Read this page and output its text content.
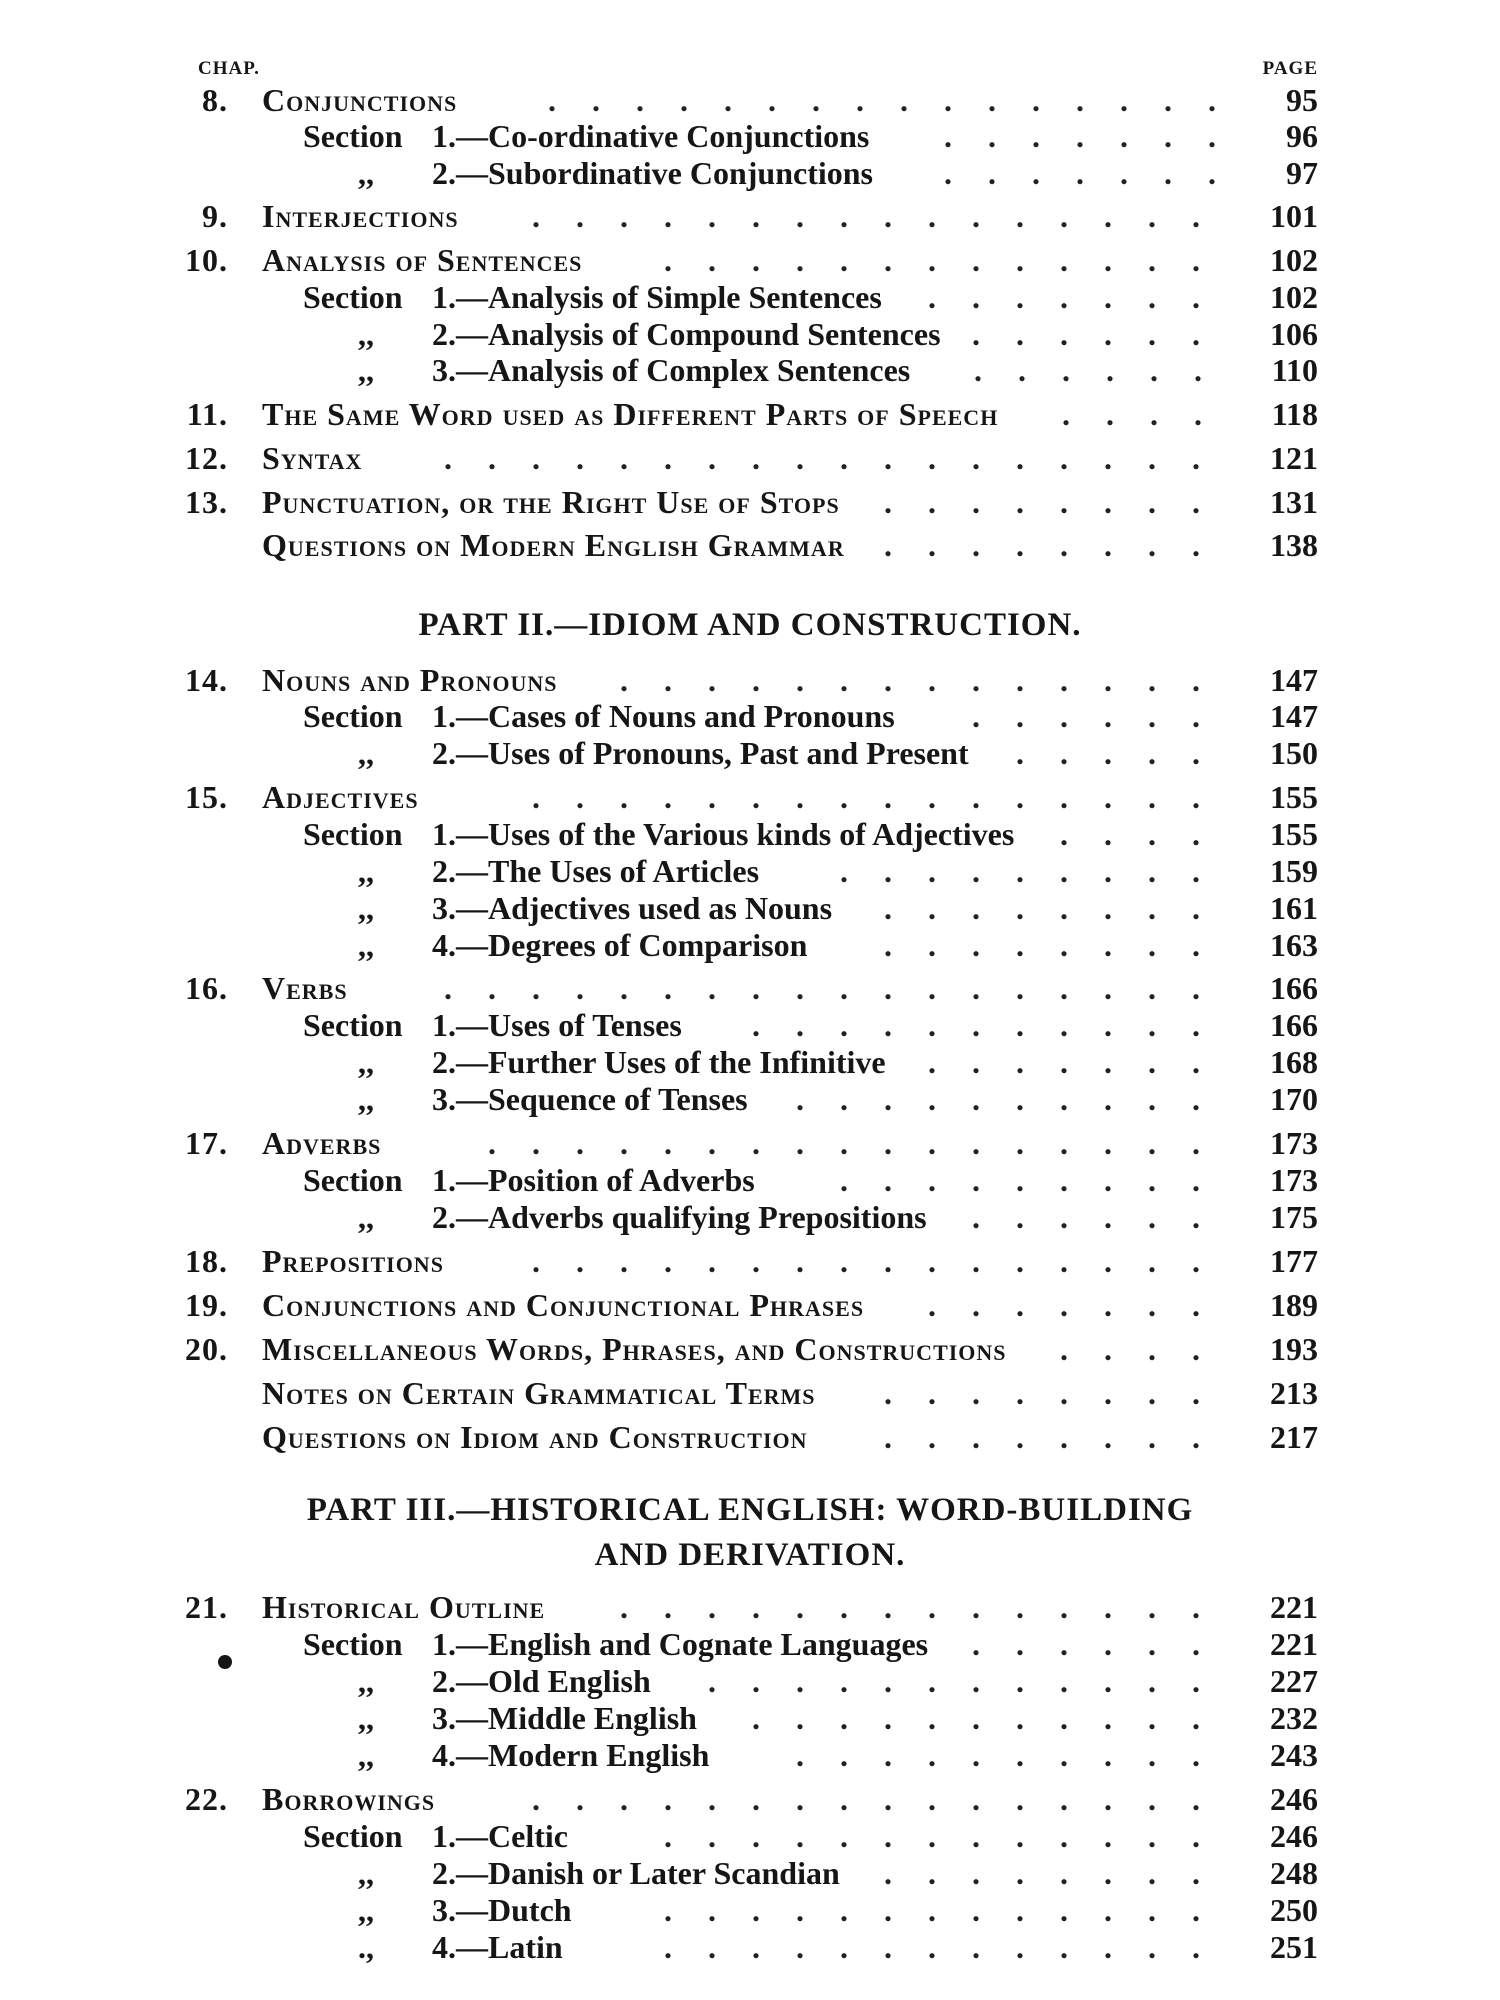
CHAP.	PAGE
8. Conjunctions	95
................
Section 1.—Co-ordinative Conjunctions	96
.......
,, 2.—Subordinative Conjunctions	97
.......
9. Interjections	101
................
10. Analysis of Sentences	102
.............
Section 1.—Analysis of Simple Sentences	102
.......
,, 2.—Analysis of Compound Sentences	106
......
,, 3.—Analysis of Complex Sentences	110
......
11. The Same Word used as Different Parts of Speech	118
....
12. Syntax	121
..................
13. Punctuation, or the Right Use of Stops	131
........
Questions on Modern English Grammar	138
........
PART II.—IDIOM AND CONSTRUCTION.
14. Nouns and Pronouns	147
..............
Section 1.—Cases of Nouns and Pronouns	147
......
,, 2.—Uses of Pronouns, Past and Present	150
.....
15. Adjectives	155
................
Section 1.—Uses of the Various kinds of Adjectives	155
....
,, 2.—The Uses of Articles	159
.........
,, 3.—Adjectives used as Nouns	161
........
,, 4.—Degrees of Comparison	163
........
16. Verbs	166
..................
Section 1.—Uses of Tenses	166
...........
,, 2.—Further Uses of the Infinitive	168
.......
,, 3.—Sequence of Tenses	170
..........
17. Adverbs	173
.................
Section 1.—Position of Adverbs	173
.........
,, 2.—Adverbs qualifying Prepositions	175
......
18. Prepositions	177
................
19. Conjunctions and Conjunctional Phrases	189
.......
20. Miscellaneous Words, Phrases, and Constructions	193
....
Notes on Certain Grammatical Terms	213
........
Questions on Idiom and Construction	217
........
PART III.—HISTORICAL ENGLISH: WORD-BUILDING
AND DERIVATION.
21. Historical Outline	221
..............
Section 1.—English and Cognate Languages	221
......
,, 2.—Old English	227
............
,, 3.—Middle English	232
...........
,, 4.—Modern English	243
..........
22. Borrowings	246
................
Section 1.—Celtic	246
.............
,, 2.—Danish or Later Scandian	248
........
,, 3.—Dutch	250
.............
., 4.—Latin	251
.............
